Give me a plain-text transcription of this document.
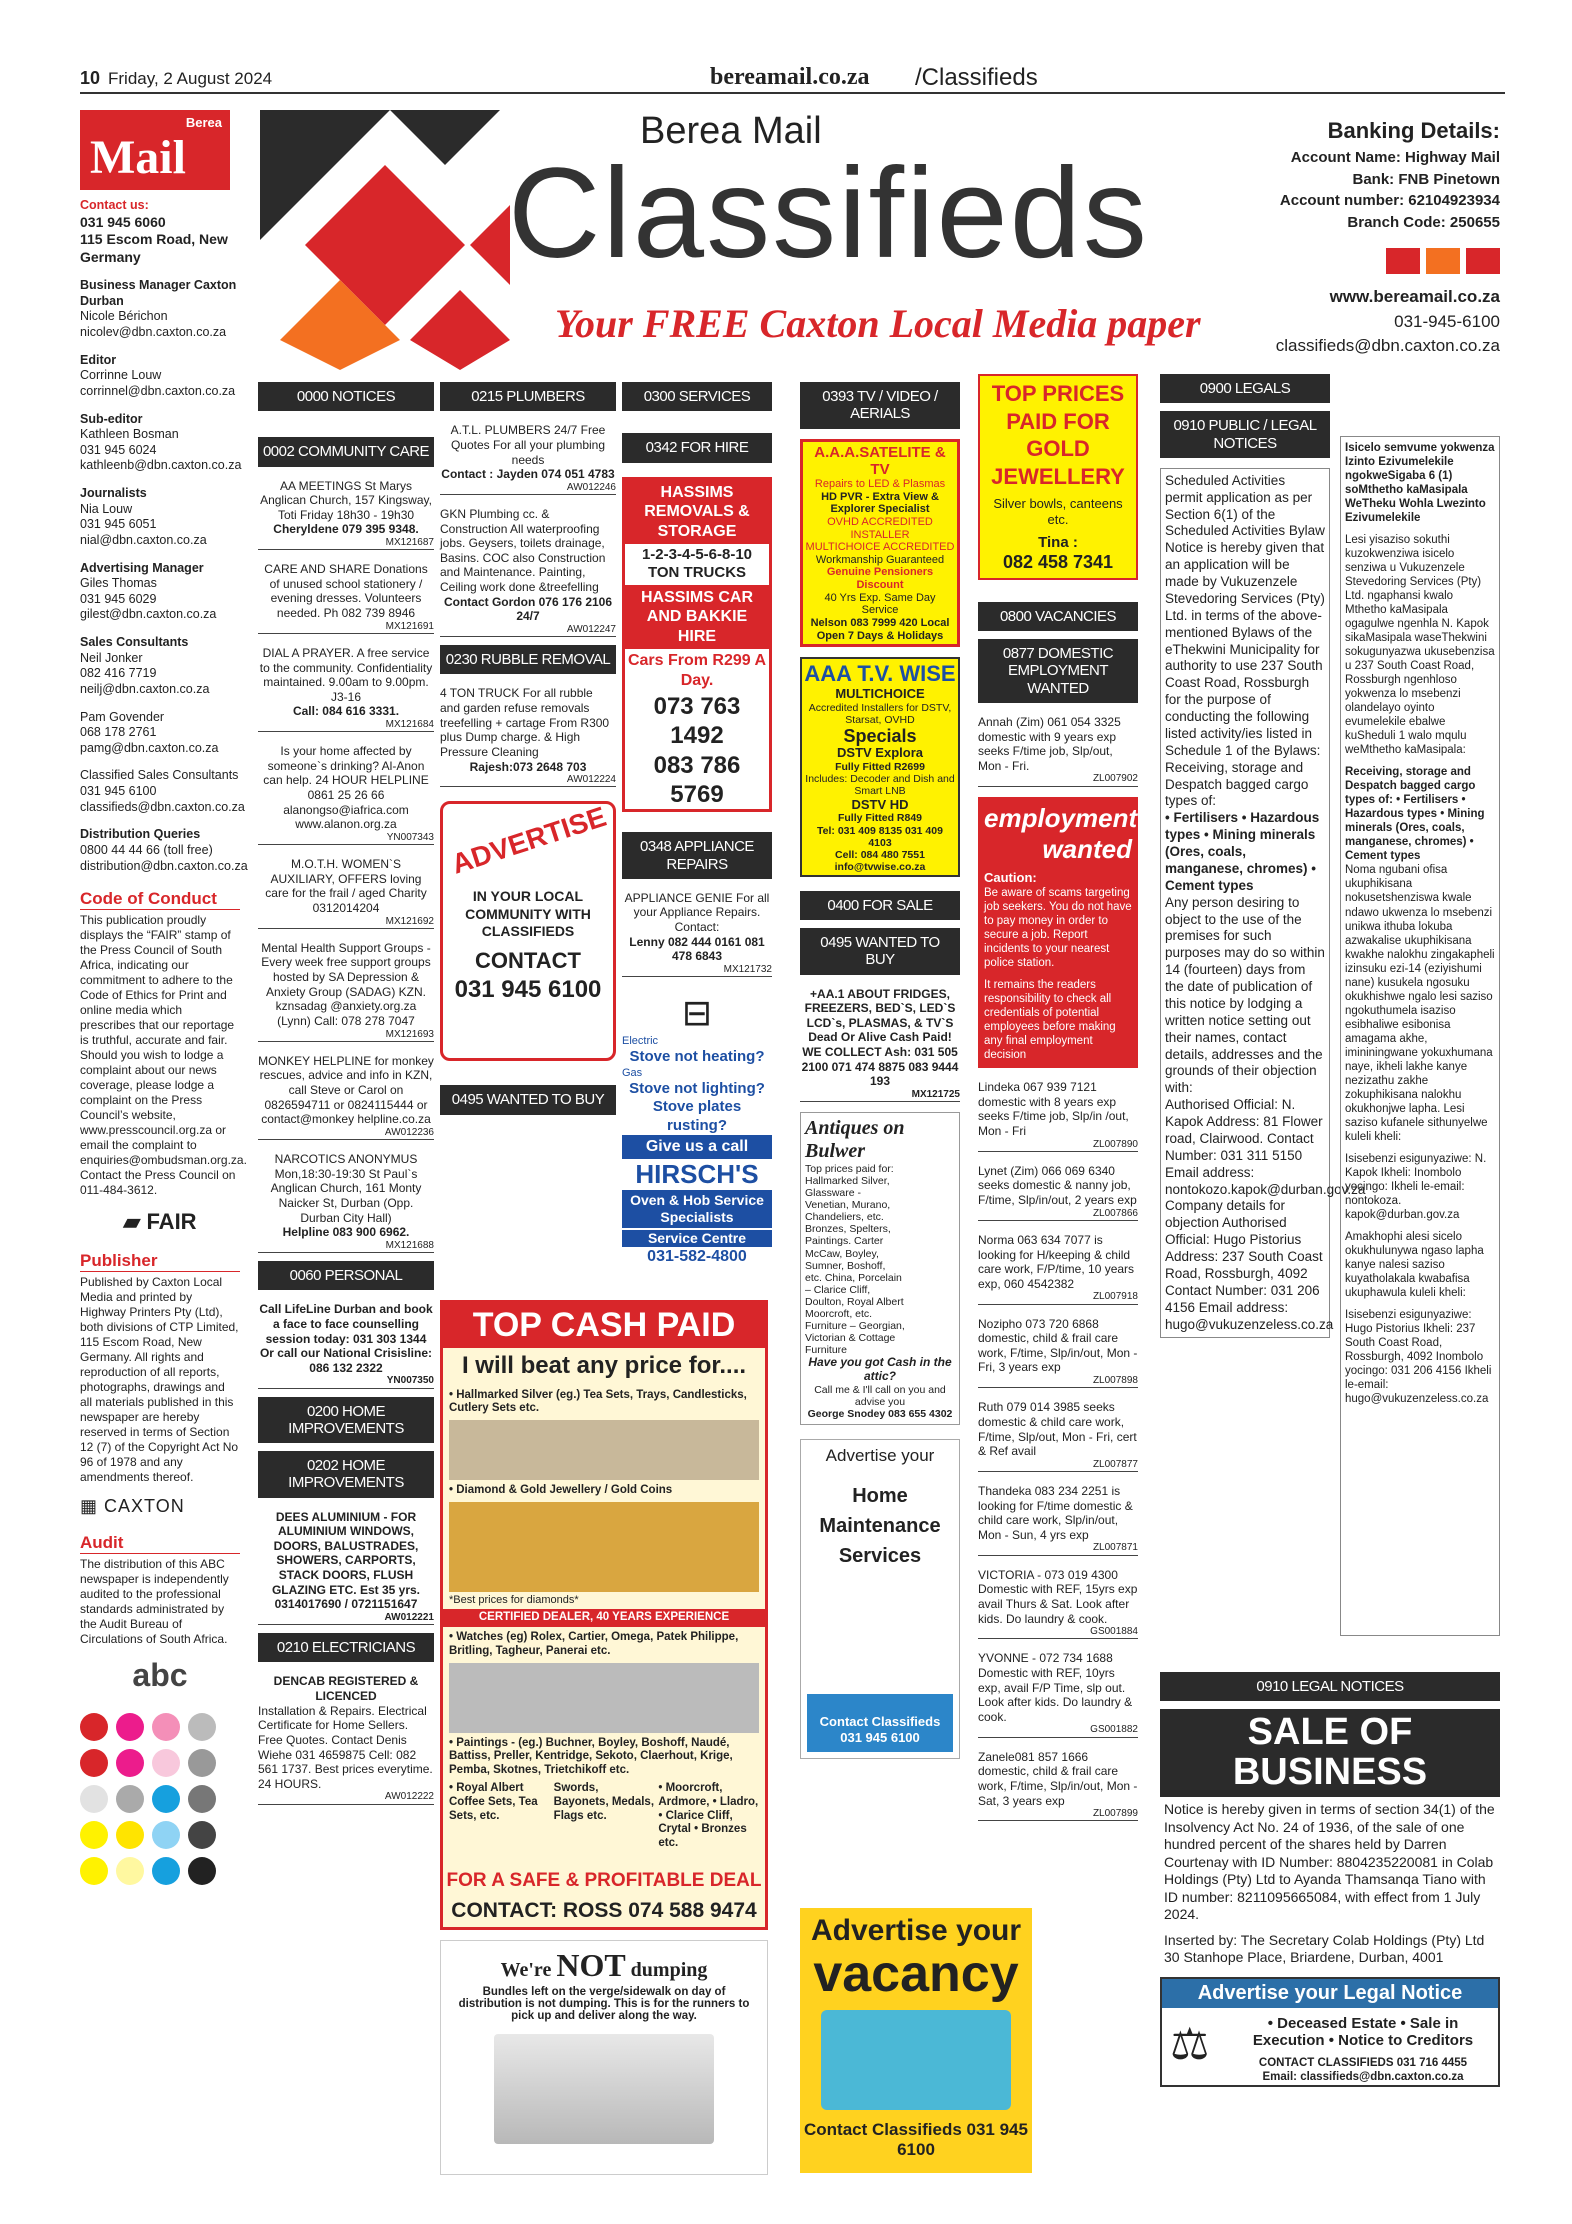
10 Friday, 2 August 2024	bereamail.co.za /Classifieds
Berea Mail
Classifieds
Your FREE Caxton Local Media paper
Banking Details:
Account Name: Highway Mail
Bank: FNB Pinetown
Account number: 62104923934
Branch Code: 250655
www.bereamail.co.za
031-945-6100
classifieds@dbn.caxton.co.za
Berea
Mail
Contact us:
031 945 6060
115 Escom Road, New Germany

Business Manager Caxton Durban
Nicole Bérichon
nicolev@dbn.caxton.co.za

Editor
Corrinne Louw
corrinnel@dbn.caxton.co.za

Sub-editor
Kathleen Bosman
031 945 6024
kathleenb@dbn.caxton.co.za

Journalists
Nia Louw
031 945 6051
nial@dbn.caxton.co.za

Advertising Manager
Giles Thomas
031 945 6029
gilest@dbn.caxton.co.za

Sales Consultants
Neil Jonker
082 416 7719
neilj@dbn.caxton.co.za

Pam Govender
068 178 2761
pamg@dbn.caxton.co.za

Classified Sales Consultants
031 945 6100
classifieds@dbn.caxton.co.za

Distribution Queries
0800 44 44 66 (toll free)
distribution@dbn.caxton.co.za

Code of Conduct
This publication proudly displays the “FAIR” stamp of the Press Council of South Africa, indicating our commitment to adhere to the Code of Ethics for Print and online media which prescribes that our reportage is truthful, accurate and fair. Should you wish to lodge a complaint about our news coverage, please lodge a complaint on the Press Council’s website, www.presscouncil.org.za or email the complaint to enquiries@ombudsman.org.za. Contact the Press Council on 011-484-3612.
▰ FAIR
Publisher
Published by Caxton Local Media and printed by Highway Printers Pty (Ltd), both divisions of CTP Limited, 115 Escom Road, New Germany. All rights and reproduction of all reports, photographs, drawings and all materials published in this newspaper are hereby reserved in terms of Section 12 (7) of the Copyright Act No 96 of 1978 and any amendments thereof.
▦ CAXTON
Audit
The distribution of this ABC newspaper is independently audited to the professional standards administrated by the Audit Bureau of Circulations of South Africa.
abc
0000 NOTICES
0002 COMMUNITY CARE
AA MEETINGS St Marys Anglican Church, 157 Kingsway, Toti Friday 18h30 - 19h30
Cheryldene 079 395 9348.
MX121687
CARE AND SHARE Donations of unused school stationery / evening dresses. Volunteers needed. Ph 082 739 8946
MX121691
DIAL A PRAYER. A free service to the community. Confidentiality maintained. 9.00am to 9.00pm. J3-16
Call: 084 616 3331.
MX121684
Is your home affected by someone`s drinking? Al-Anon can help. 24 HOUR HELPLINE 0861 25 26 66 alanongso@iafrica.com www.alanon.org.za
YN007343
M.O.T.H. WOMEN`S AUXILIARY, OFFERS loving care for the frail / aged Charity 0312014204
MX121692
Mental Health Support Groups - Every week free support groups hosted by SA Depression & Anxiety Group (SADAG) KZN. kznsadag @anxiety.org.za (Lynn) Call: 078 278 7047
MX121693
MONKEY HELPLINE for monkey rescues, advice and info in KZN, call Steve or Carol on 0826594711 or 0824115444 or contact@monkey helpline.co.za
AW012236
NARCOTICS ANONYMUS Mon,18:30-19:30 St Paul`s Anglican Church, 161 Monty Naicker St, Durban (Opp. Durban City Hall)
Helpline 083 900 6962.
MX121688
0060 PERSONAL
Call LifeLine Durban and book a face to face counselling session today: 031 303 1344 Or call our National Crisisline: 086 132 2322
YN007350
0200 HOME IMPROVEMENTS
0202 HOME IMPROVEMENTS
DEES ALUMINIUM - FOR ALUMINIUM WINDOWS, DOORS, BALUSTRADES, SHOWERS, CARPORTS, STACK DOORS, FLUSH GLAZING ETC. Est 35 yrs. 0314017690 / 0721151647
AW012221
0210 ELECTRICIANS
DENCAB REGISTERED & LICENCED
Installation & Repairs. Electrical Certificate for Home Sellers. Free Quotes. Contact Denis Wiehe 031 4659875 Cell: 082 561 1737. Best prices everytime. 24 HOURS.
AW012222
0215 PLUMBERS
A.T.L. PLUMBERS 24/7 Free Quotes For all your plumbing needs
Contact : Jayden 074 051 4783
AW012246
GKN Plumbing cc. & Construction All waterproofing jobs. Geysers, toilets drainage, Basins. COC also Construction and Maintenance. Painting, Ceiling work done &treefelling
Contact Gordon 076 176 2106 24/7
AW012247
0230 RUBBLE REMOVAL
4 TON TRUCK For all rubble and garden refuse removals treefelling + cartage From R300 plus Dump charge. & High Pressure Cleaning
Rajesh:073 2648 703
AW012224
ADVERTISE
IN YOUR LOCAL COMMUNITY WITH CLASSIFIEDS
CONTACT
031 945 6100
0495 WANTED TO BUY
TOP CASH PAID
I will beat any price for....
• Hallmarked Silver (eg.) Tea Sets, Trays, Candlesticks, Cutlery Sets etc.
• Diamond & Gold Jewellery / Gold Coins
*Best prices for diamonds*
CERTIFIED DEALER, 40 YEARS EXPERIENCE
• Watches (eg) Rolex, Cartier, Omega, Patek Philippe, Britling, Tagheur, Panerai etc.
• Paintings - (eg.) Buchner, Boyley, Boshoff, Naudé, Battiss, Preller, Kentridge, Sekoto, Claerhout, Krige, Pemba, Skotnes, Trietchikoff etc.
• Royal Albert Coffee Sets, Tea Sets, etc.
Swords, Bayonets, Medals, Flags etc.
• Moorcroft, Ardmore, • Lladro, • Clarice Cliff, Crytal • Bronzes etc.
FOR A SAFE & PROFITABLE DEAL
CONTACT: ROSS 074 588 9474
We're NOT dumping
Bundles left on the verge/sidewalk on day of distribution is not dumping. This is for the runners to pick up and deliver along the way.
0300 SERVICES
0342 FOR HIRE
HASSIMS REMOVALS & STORAGE
1-2-3-4-5-6-8-10 TON TRUCKS
HASSIMS CAR AND BAKKIE HIRE
Cars From R299 A Day.
073 763 1492
083 786 5769
0348 APPLIANCE REPAIRS
APPLIANCE GENIE For all your Appliance Repairs. Contact:
Lenny 082 444 0161 081 478 6843
MX121732
⊟
Electric
Stove not heating?
Gas
Stove not lighting?
Stove plates rusting?
Give us a call
HIRSCH'S
Oven & Hob Service Specialists
Service Centre
031-582-4800
0393 TV / VIDEO / AERIALS
A.A.A.SATELITE & TV
Repairs to LED & Plasmas
HD PVR - Extra View & Explorer Specialist
OVHD ACCREDITED INSTALLER
MULTICHOICE ACCREDITED
Workmanship Guaranteed
Genuine Pensioners Discount
40 Yrs Exp. Same Day Service
Nelson 083 7999 420 Local
Open 7 Days & Holidays
AAA T.V. WISE
MULTICHOICE
Accredited Installers for DSTV, Starsat, OVHD
Specials
DSTV Explora
Fully Fitted R2699
Includes: Decoder and Dish and Smart LNB
DSTV HD
Fully Fitted R849
Tel: 031 409 8135 031 409 4103
Cell: 084 480 7551
info@tvwise.co.za
0400 FOR SALE
0495 WANTED TO BUY
+AA.1 ABOUT FRIDGES, FREEZERS, BED`S, LED`S LCD`s, PLASMAS, & TV`S Dead Or Alive Cash Paid! WE COLLECT Ash: 031 505 2100 071 474 8875 083 9444 193
MX121725
Antiques on Bulwer
Top prices paid for: Hallmarked Silver, Glassware - Venetian, Murano, Chandeliers, etc. Bronzes, Spelters, Paintings. Carter McCaw, Boyley, Sumner, Boshoff, etc. China, Porcelain – Clarice Cliff, Doulton, Royal Albert Moorcroft, etc. Furniture – Georgian, Victorian & Cottage Furniture
Have you got Cash in the attic?
Call me & I'll call on you and advise you
George Snodey 083 655 4302
Advertise your
Home Maintenance Services
Contact Classifieds 031 945 6100
Advertise your
vacancy
Contact Classifieds 031 945 6100
TOP PRICES PAID FOR GOLD JEWELLERY
Silver bowls, canteens etc.
Tina :
082 458 7341
0800 VACANCIES
0877 DOMESTIC EMPLOYMENT WANTED
Annah (Zim) 061 054 3325 domestic with 9 years exp seeks F/time job, Slp/out, Mon - Fri.
ZL007902
employment
wanted
Caution:
Be aware of scams targeting job seekers. You do not have to pay money in order to secure a job. Report incidents to your nearest police station.
It remains the readers responsibility to check all credentials of potential employees before making any final employment decision
Lindeka 067 939 7121 domestic with 8 years exp seeks F/time job, Slp/in /out, Mon - Fri
ZL007890
Lynet (Zim) 066 069 6340 seeks domestic & nanny job, F/time, Slp/in/out, 2 years exp
ZL007866
Norma 063 634 7077 is looking for H/keeping & child care work, F/P/time, 10 years exp, 060 4542382
ZL007918
Nozipho 073 720 6868 domestic, child & frail care work, F/time, Slp/in/out, Mon - Fri, 3 years exp
ZL007898
Ruth 079 014 3985 seeks domestic & child care work, F/time, Slp/out, Mon - Fri, cert & Ref avail
ZL007877
Thandeka 083 234 2251 is looking for F/time domestic & child care work, Slp/in/out, Mon - Sun, 4 yrs exp
ZL007871
VICTORIA - 073 019 4300 Domestic with REF, 15yrs exp avail Thurs & Sat. Look after kids. Do laundry & cook.
GS001884
YVONNE - 072 734 1688 Domestic with REF, 10yrs exp, avail F/P Time, slp out. Look after kids. Do laundry & cook.
GS001882
Zanele081 857 1666 domestic, child & frail care work, F/time, Slp/in/out, Mon - Sat, 3 years exp
ZL007899
0900 LEGALS
0910 PUBLIC / LEGAL NOTICES
Scheduled Activities permit application as per Section 6(1) of the Scheduled Activities Bylaw
Notice is hereby given that an application will be made by Vukuzenzele Stevedoring Services (Pty) Ltd. in terms of the above-mentioned Bylaws of the eThekwini Municipality for authority to use 237 South Coast Road, Rossburgh for the purpose of conducting the following listed activity/ies listed in Schedule 1 of the Bylaws: Receiving, storage and Despatch bagged cargo types of:
• Fertilisers • Hazardous types • Mining minerals (Ores, coals, manganese, chromes) • Cement types
Any person desiring to object to the use of the premises for such purposes may do so within 14 (fourteen) days from the date of publication of this notice by lodging a written notice setting out their names, contact details, addresses and the grounds of their objection with:
Authorised Official: N. Kapok Address: 81 Flower road, Clairwood. Contact Number: 031 311 5150 Email address: nontokozo.kapok@durban.gov.za
Company details for objection Authorised Official: Hugo Pistorius Address: 237 South Coast Road, Rossburgh, 4092 Contact Number: 031 206 4156 Email address: hugo@vukuzenzeless.co.za
0910 LEGAL NOTICES
SALE OF BUSINESS
Notice is hereby given in terms of section 34(1) of the Insolvency Act No. 24 of 1936, of the sale of one hundred percent of the shares held by Darren Courtenay with ID Number: 8804235220081 in Colab Holdings (Pty) Ltd to Ayanda Thamsanqa Tiano with ID number: 8211095665084, with effect from 1 July 2024.
Inserted by: The Secretary Colab Holdings (Pty) Ltd 30 Stanhope Place, Briardene, Durban, 4001
Advertise your Legal Notice
⚖	• Deceased Estate • Sale in Execution • Notice to Creditors
CONTACT CLASSIFIEDS 031 716 4455
Email: classifieds@dbn.caxton.co.za
Isicelo semvume yokwenza Izinto Ezivumelekile ngokweSigaba 6 (1) soMthetho kaMasipala WeTheku Wohla Lwezinto Ezivumelekile
Lesi yisaziso sokuthi kuzokwenziwa isicelo senziwa u Vukuzenzele Stevedoring Services (Pty) Ltd. ngaphansi kwalo Mthetho kaMasipala ogagulwe ngenhla N. Kapok sikaMasipala waseThekwini sokugunyazwa ukusebenzisa u 237 South Coast Road, Rossburgh ngenhloso yokwenza lo msebenzi olandelayo oyinto evumelekile ebalwe kuSheduli 1 walo mqulu weMthetho kaMasipala:
Receiving, storage and Despatch bagged cargo types of: • Fertilisers • Hazardous types • Mining minerals (Ores, coals, manganese, chromes) • Cement types
Noma ngubani ofisa ukuphikisana nokusetshenziswa kwale ndawo ukwenza lo msebenzi unikwa ithuba lokuba azwakalise ukuphikisana kwakhe nalokhu zingakapheli izinsuku ezi-14 (eziyishumi nane) kusukela ngosuku okukhishwe ngalo lesi saziso ngokuthumela isaziso esibhaliwe esibonisa amagama akhe, imininingwane yokuxhumana naye, ikheli lakhe kanye nezizathu zakhe zokuphikisana nalokhu okukhonjwe lapha. Lesi saziso kufanele sithunyelwe kuleli kheli:
Isisebenzi esigunyaziwe: N. Kapok Ikheli: Inombolo yocingo: Ikheli le-email: nontokoza. kapok@durban.gov.za
Amakhophi alesi sicelo okukhulunywa ngaso lapha kanye nalesi saziso kuyatholakala kwabafisa ukuphawula kuleli kheli:
Isisebenzi esigunyaziwe: Hugo Pistorius Ikheli: 237 South Coast Road, Rossburgh, 4092 Inombolo yocingo: 031 206 4156 Ikheli le-email: hugo@vukuzenzeless.co.za
